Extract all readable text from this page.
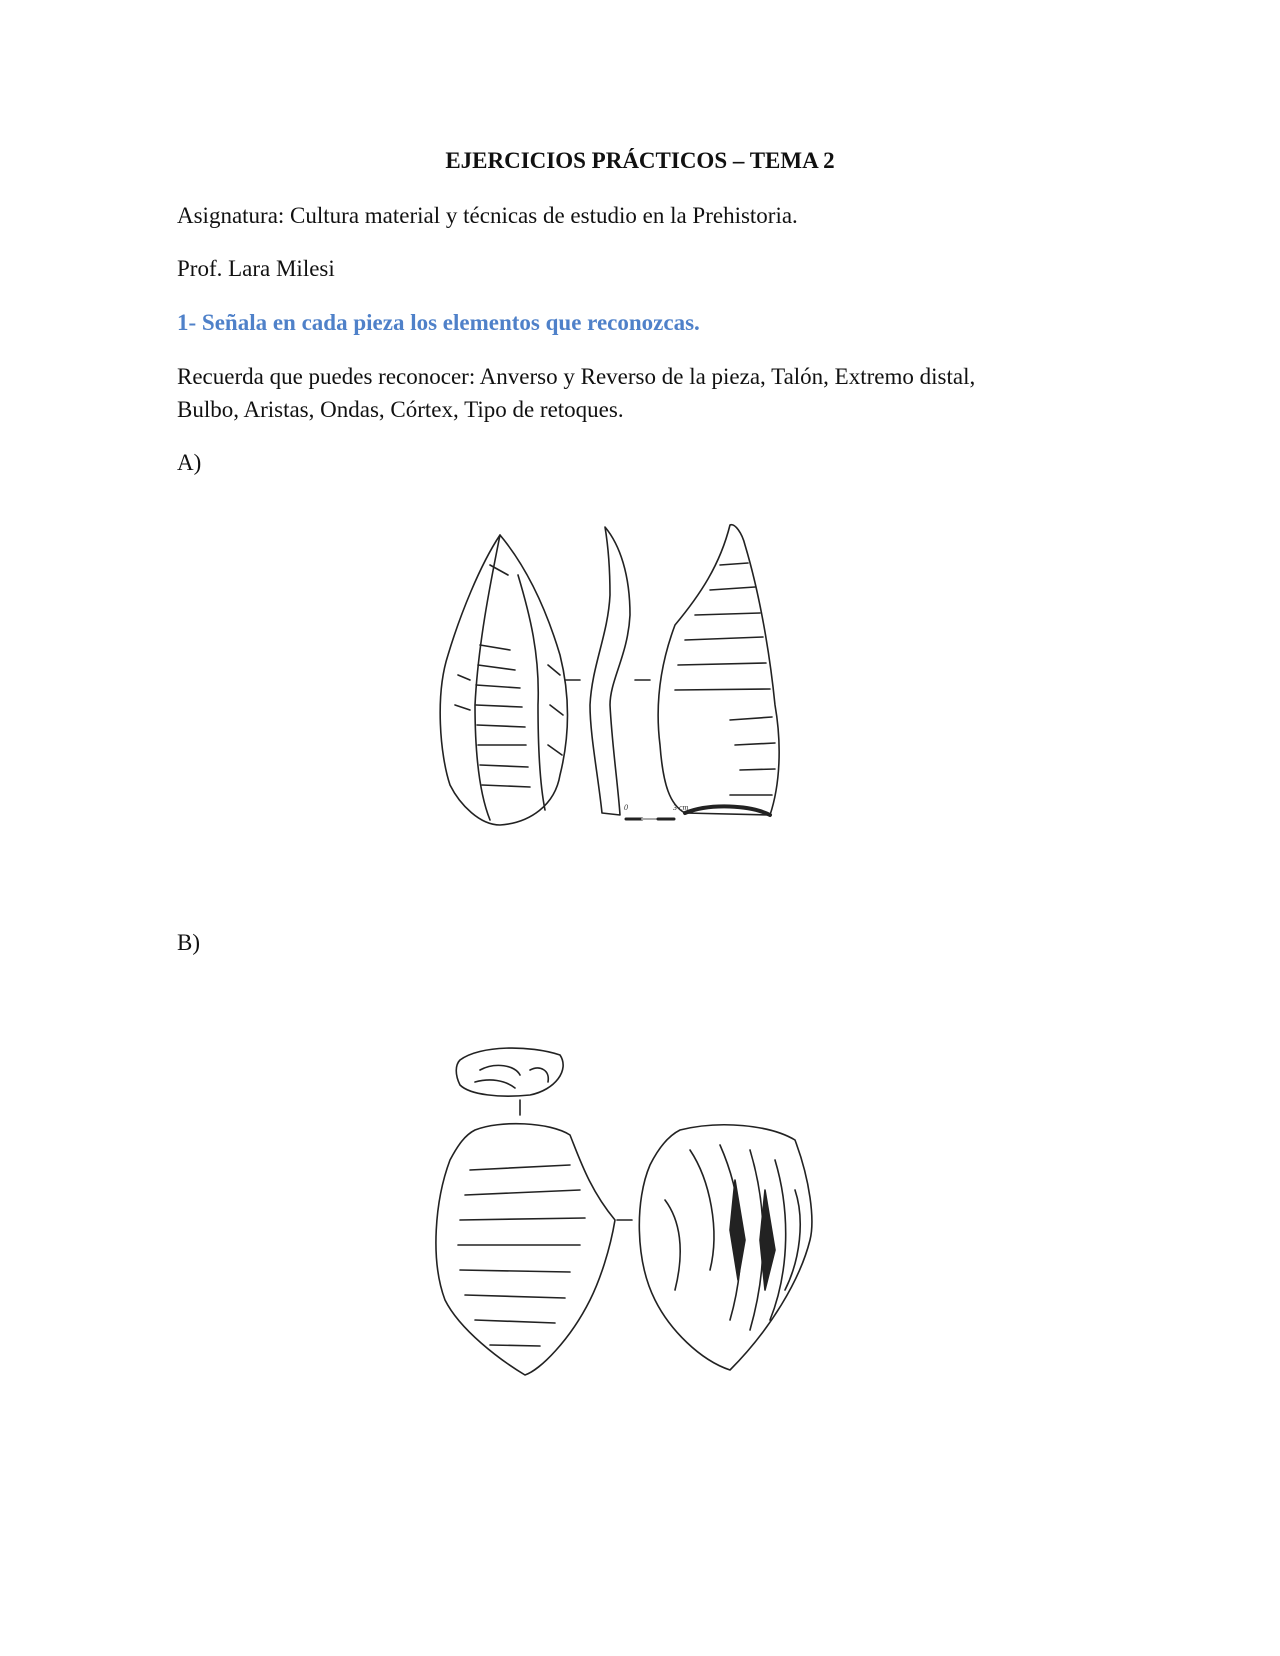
EJERCICIOS PRÁCTICOS – TEMA 2
Asignatura: Cultura material y técnicas de estudio en la Prehistoria.
Prof. Lara Milesi
1- Señala en cada pieza los elementos que reconozcas.
Recuerda que puedes reconocer: Anverso y Reverso de la pieza, Talón, Extremo distal,
Bulbo, Aristas, Ondas, Córtex, Tipo de retoques.
A)
0	3 cm
B)
